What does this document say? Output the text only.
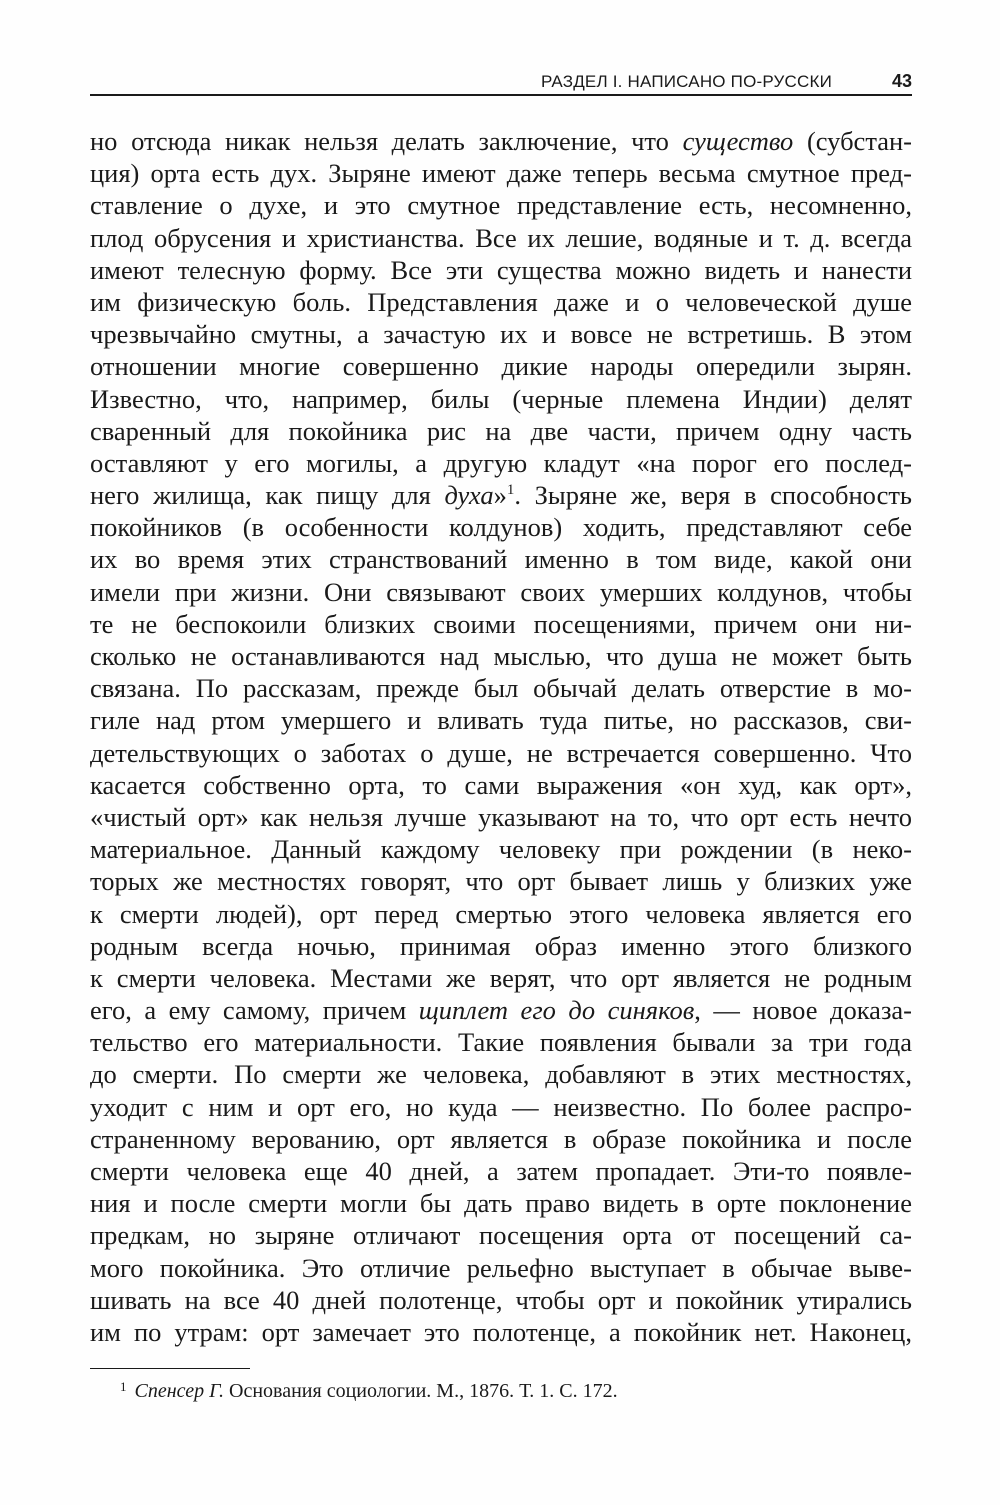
РАЗДЕЛ I. НАПИСАНО ПО-РУССКИ	43
но отсюда никак нельзя делать заключение, что существо (субстан-
ция) орта есть дух. Зыряне имеют даже теперь весьма смутное пред-
ставление о духе, и это смутное представление есть, несомненно,
плод обрусения и христианства. Все их лешие, водяные и т. д. всегда
имеют телесную форму. Все эти существа можно видеть и нанести
им физическую боль. Представления даже и о человеческой душе
чрезвычайно смутны, а зачастую их и вовсе не встретишь. В этом
отношении многие совершенно дикие народы опередили зырян.
Известно, что, например, билы (черные племена Индии) делят
сваренный для покойника рис на две части, причем одну часть
оставляют у его могилы, а другую кладут «на порог его послед-
него жилища, как пищу для духа»$^1$. Зыряне же, веря в способность
покойников (в особенности колдунов) ходить, представляют себе
их во время этих странствований именно в том виде, какой они
имели при жизни. Они связывают своих умерших колдунов, чтобы
те не беспокоили близких своими посещениями, причем они ни-
сколько не останавливаются над мыслью, что душа не может быть
связана. По рассказам, прежде был обычай делать отверстие в мо-
гиле над ртом умершего и вливать туда питье, но рассказов, сви-
детельствующих о заботах о душе, не встречается совершенно. Что
касается собственно орта, то сами выражения «он худ, как орт»,
«чистый орт» как нельзя лучше указывают на то, что орт есть нечто
материальное. Данный каждому человеку при рождении (в неко-
торых же местностях говорят, что орт бывает лишь у близких уже
к смерти людей), орт перед смертью этого человека является его
родным всегда ночью, принимая образ именно этого близкого
к смерти человека. Местами же верят, что орт является не родным
его, а ему самому, причем щиплет его до синяков, — новое доказа-
тельство его материальности. Такие появления бывали за три года
до смерти. По смерти же человека, добавляют в этих местностях,
уходит с ним и орт его, но куда — неизвестно. По более распро-
страненному верованию, орт является в образе покойника и после
смерти человека еще 40 дней, а затем пропадает. Эти-то появле-
ния и после смерти могли бы дать право видеть в орте поклонение
предкам, но зыряне отличают посещения орта от посещений са-
мого покойника. Это отличие рельефно выступает в обычае выве-
шивать на все 40 дней полотенце, чтобы орт и покойник утирались
им по утрам: орт замечает это полотенце, а покойник нет. Наконец,
$^1$ Спенсер Г. Основания социологии. М., 1876. Т. 1. С. 172.
